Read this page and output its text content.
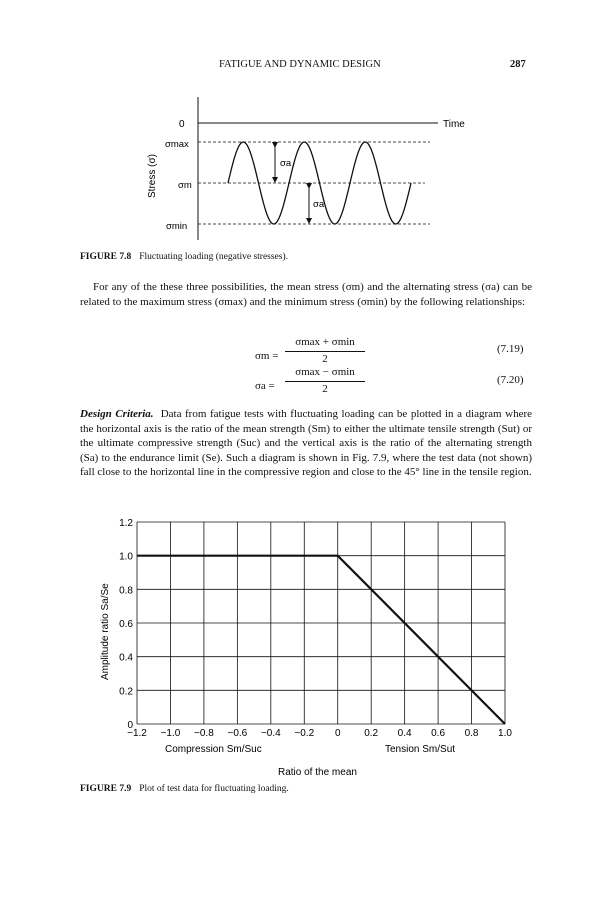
FATIGUE AND DYNAMIC DESIGN	287
0	Time
σmax
σm
σmin
σa
σa
Stress (σ)
FIGURE 7.8 Fluctuating loading (negative stresses).
For any of the these three possibilities, the mean stress (σm) and the alternating stress (σa) can be related to the maximum stress (σmax) and the minimum stress (σmin) by the following relationships:
σm =
σmax + σmin
2
(7.19)
σa =
σmax − σmin
2
(7.20)
Design Criteria. Data from fatigue tests with fluctuating loading can be plotted in a diagram where the horizontal axis is the ratio of the mean strength (Sm) to either the ultimate tensile strength (Sut) or the ultimate compressive strength (Suc) and the vertical axis is the ratio of the alternating strength (Sa) to the endurance limit (Se). Such a diagram is shown in Fig. 7.9, where the test data (not shown) fall close to the horizontal line in the compressive region and close to the 45° line in the tensile region.
−1.2 −1.0 −0.8 −0.6 −0.4 −0.2 0 0.2 0.4 0.6 0.8 1.0
0
0.2
0.4
0.6
0.8
1.0
1.2
Amplitude ratio Sa/Se
Compression Sm/Suc	Tension Sm/Sut
Ratio of the mean
FIGURE 7.9 Plot of test data for fluctuating loading.
